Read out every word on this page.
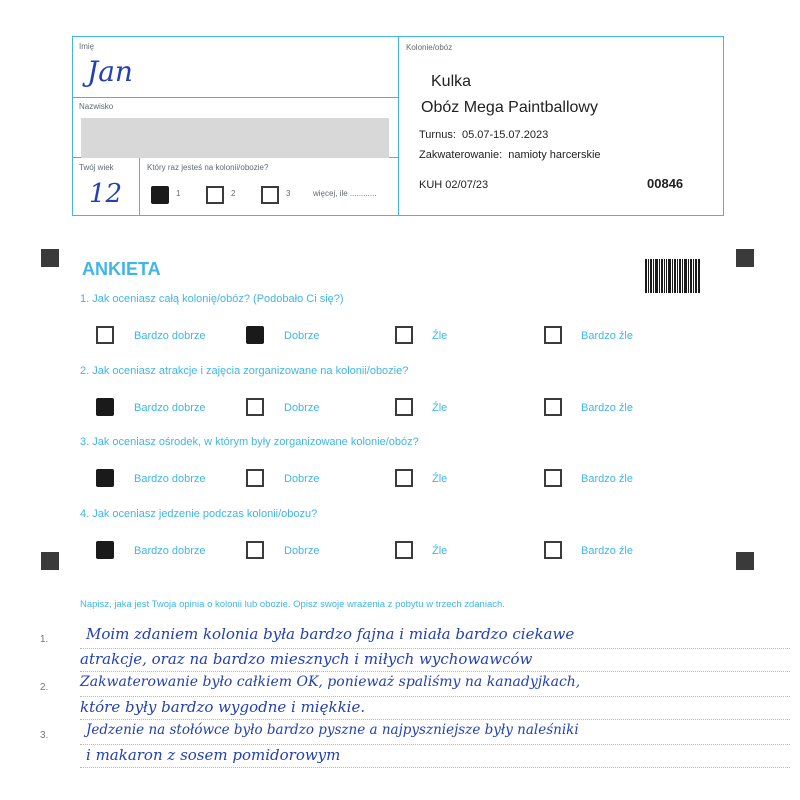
Imię
Jan
Nazwisko
Twój wiek
12
Który raz jesteś na kolonii/obozie?
1	2	3	więcej, ile ............
Kolonie/obóz
Kulka
Obóz Mega Paintballowy
Turnus: 05.07-15.07.2023
Zakwaterowanie: namioty harcerskie
KUH 02/07/23	00846
ANKIETA
1. Jak oceniasz całą kolonię/obóz? (Podobało Ci się?)
Bardzo dobrze	Dobrze	Źle	Bardzo źle
2. Jak oceniasz atrakcje i zajęcia zorganizowane na kolonii/obozie?
Bardzo dobrze	Dobrze	Źle	Bardzo źle
3. Jak oceniasz ośrodek, w którym były zorganizowane kolonie/obóz?
Bardzo dobrze	Dobrze	Źle	Bardzo źle
4. Jak oceniasz jedzenie podczas kolonii/obozu?
Bardzo dobrze	Dobrze	Źle	Bardzo źle
Napisz, jaka jest Twoja opinia o kolonii lub obozie. Opisz swoje wrażenia z pobytu w trzech zdaniach.
1.
2.
3.
Moim zdaniem kolonia była bardzo fajna i miała bardzo ciekawe
atrakcje, oraz na bardzo miesznych i miłych wychowawców
Zakwaterowanie było całkiem OK, ponieważ spaliśmy na kanadyjkach,
które były bardzo wygodne i miękkie.
Jedzenie na stołówce było bardzo pyszne a najpyszniejsze były naleśniki
i makaron z sosem pomidorowym
